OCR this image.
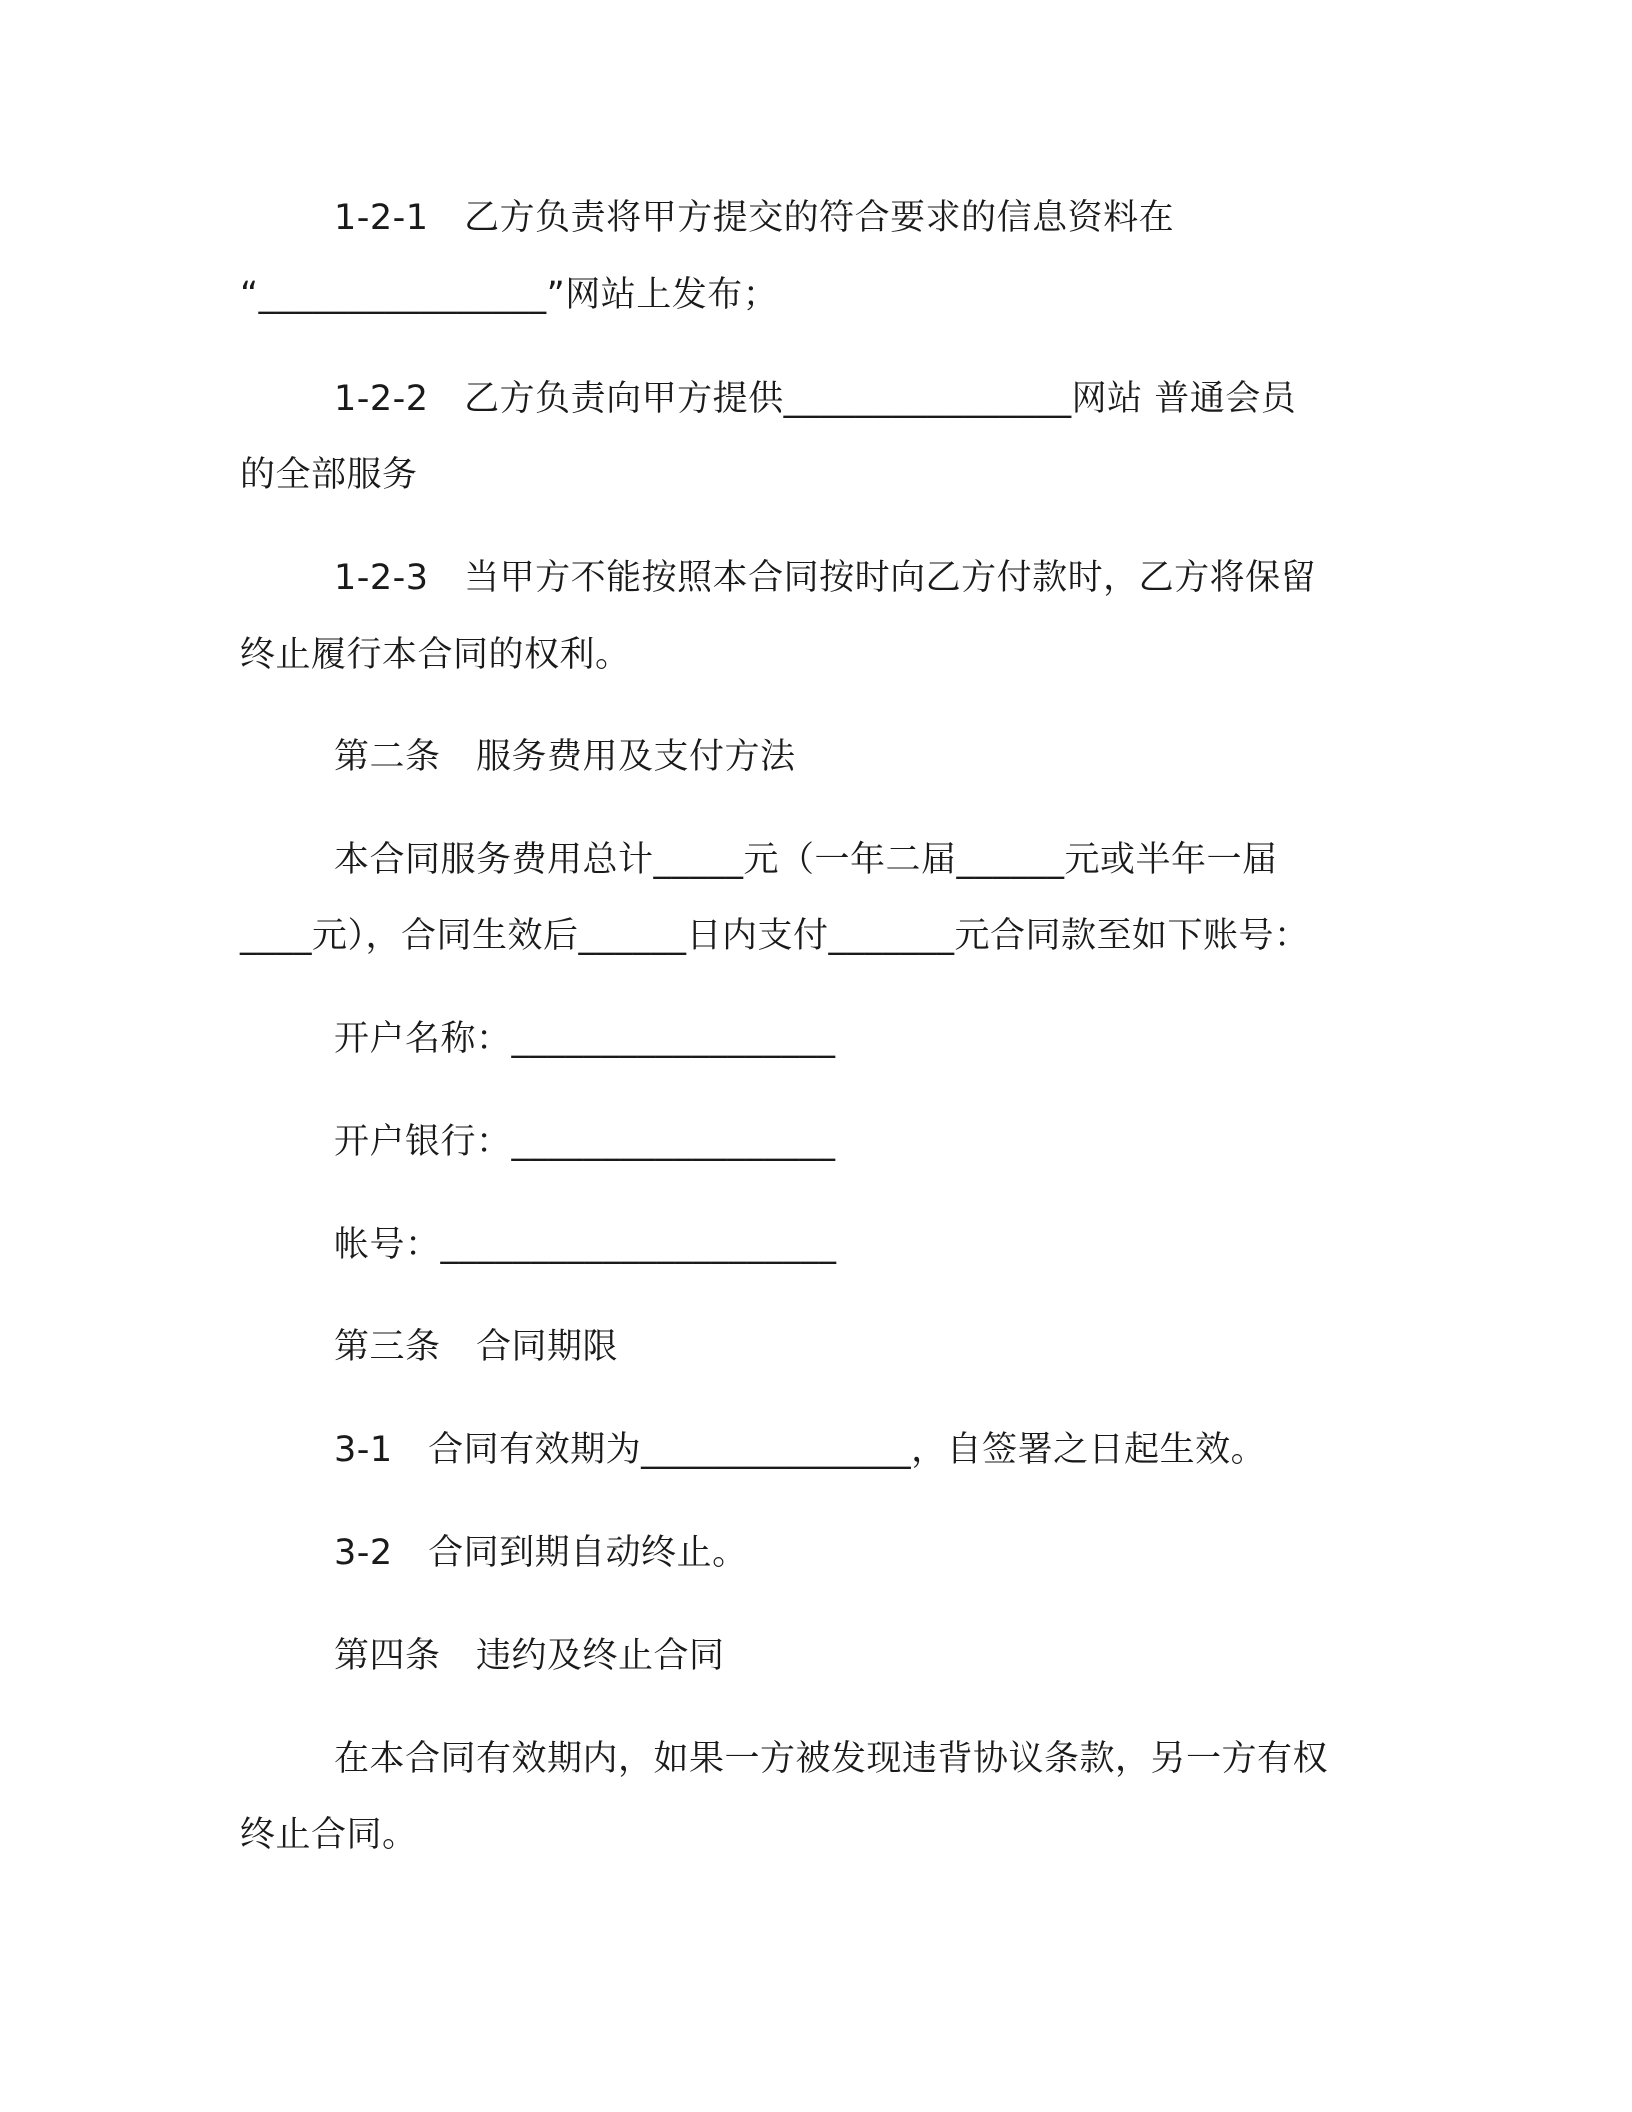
1-2-1　乙方负责将甲方提交的符合要求的信息资料在
“________________”网站上发布；
1-2-2　乙方负责向甲方提供________________网站 普通会员
的全部服务
1-2-3　当甲方不能按照本合同按时向乙方付款时，乙方将保留
终止履行本合同的权利。
第二条　服务费用及支付方法
本合同服务费用总计_____元（一年二届______元或半年一届
____元），合同生效后______日内支付_______元合同款至如下账号：
开户名称：__________________
开户银行：__________________
帐号：______________________
第三条　合同期限
3-1　合同有效期为_______________，自签署之日起生效。
3-2　合同到期自动终止。
第四条　违约及终止合同
在本合同有效期内，如果一方被发现违背协议条款，另一方有权
终止合同。
